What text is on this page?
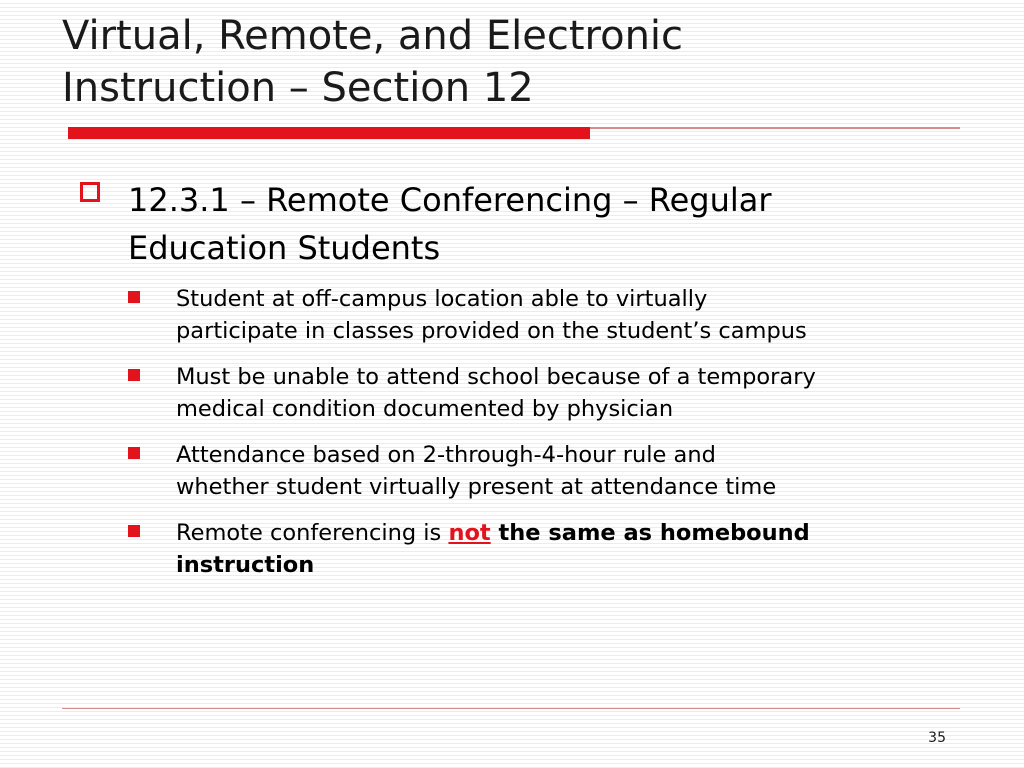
Virtual, Remote, and Electronic
Instruction – Section 12
12.3.1 – Remote Conferencing – Regular
Education Students
Student at off-campus location able to virtually
participate in classes provided on the student’s campus
Must be unable to attend school because of a temporary
medical condition documented by physician
Attendance based on 2-through-4-hour rule and
whether student virtually present at attendance time
Remote conferencing is not the same as homebound
instruction
35
